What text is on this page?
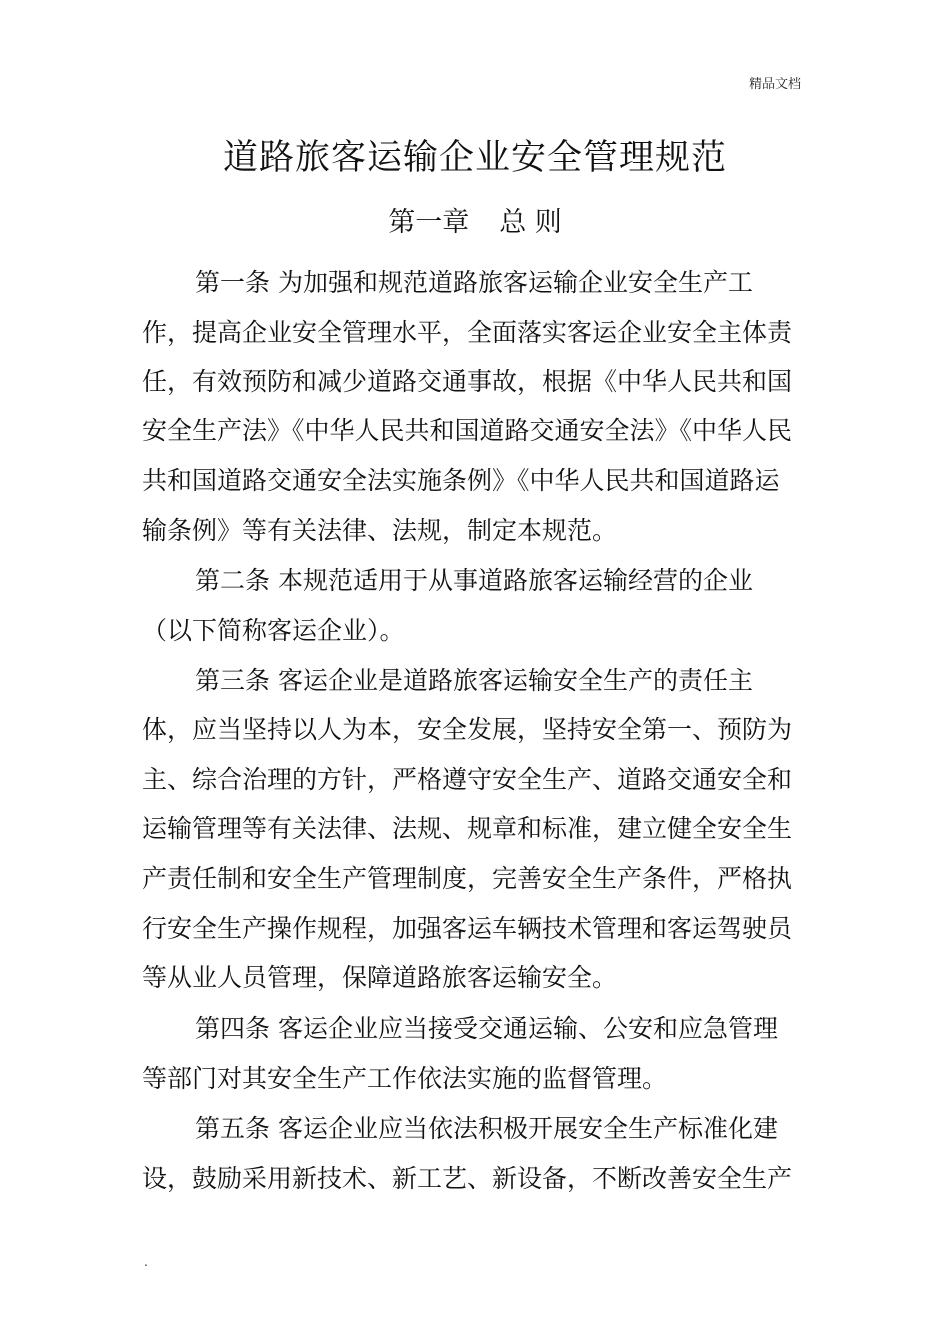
精品文档
道路旅客运输企业安全管理规范
第一章 总 则
第一条 为加强和规范道路旅客运输企业安全生产工
作，提高企业安全管理水平，全面落实客运企业安全主体责
任，有效预防和减少道路交通事故，根据《中华人民共和国
安全生产法》《中华人民共和国道路交通安全法》《中华人民
共和国道路交通安全法实施条例》《中华人民共和国道路运
输条例》等有关法律、法规，制定本规范。
第二条 本规范适用于从事道路旅客运输经营的企业
（以下简称客运企业）。
第三条 客运企业是道路旅客运输安全生产的责任主
体，应当坚持以人为本，安全发展，坚持安全第一、预防为
主、综合治理的方针，严格遵守安全生产、道路交通安全和
运输管理等有关法律、法规、规章和标准，建立健全安全生
产责任制和安全生产管理制度，完善安全生产条件，严格执
行安全生产操作规程，加强客运车辆技术管理和客运驾驶员
等从业人员管理，保障道路旅客运输安全。
第四条 客运企业应当接受交通运输、公安和应急管理
等部门对其安全生产工作依法实施的监督管理。
第五条 客运企业应当依法积极开展安全生产标准化建
设，鼓励采用新技术、新工艺、新设备，不断改善安全生产
.
